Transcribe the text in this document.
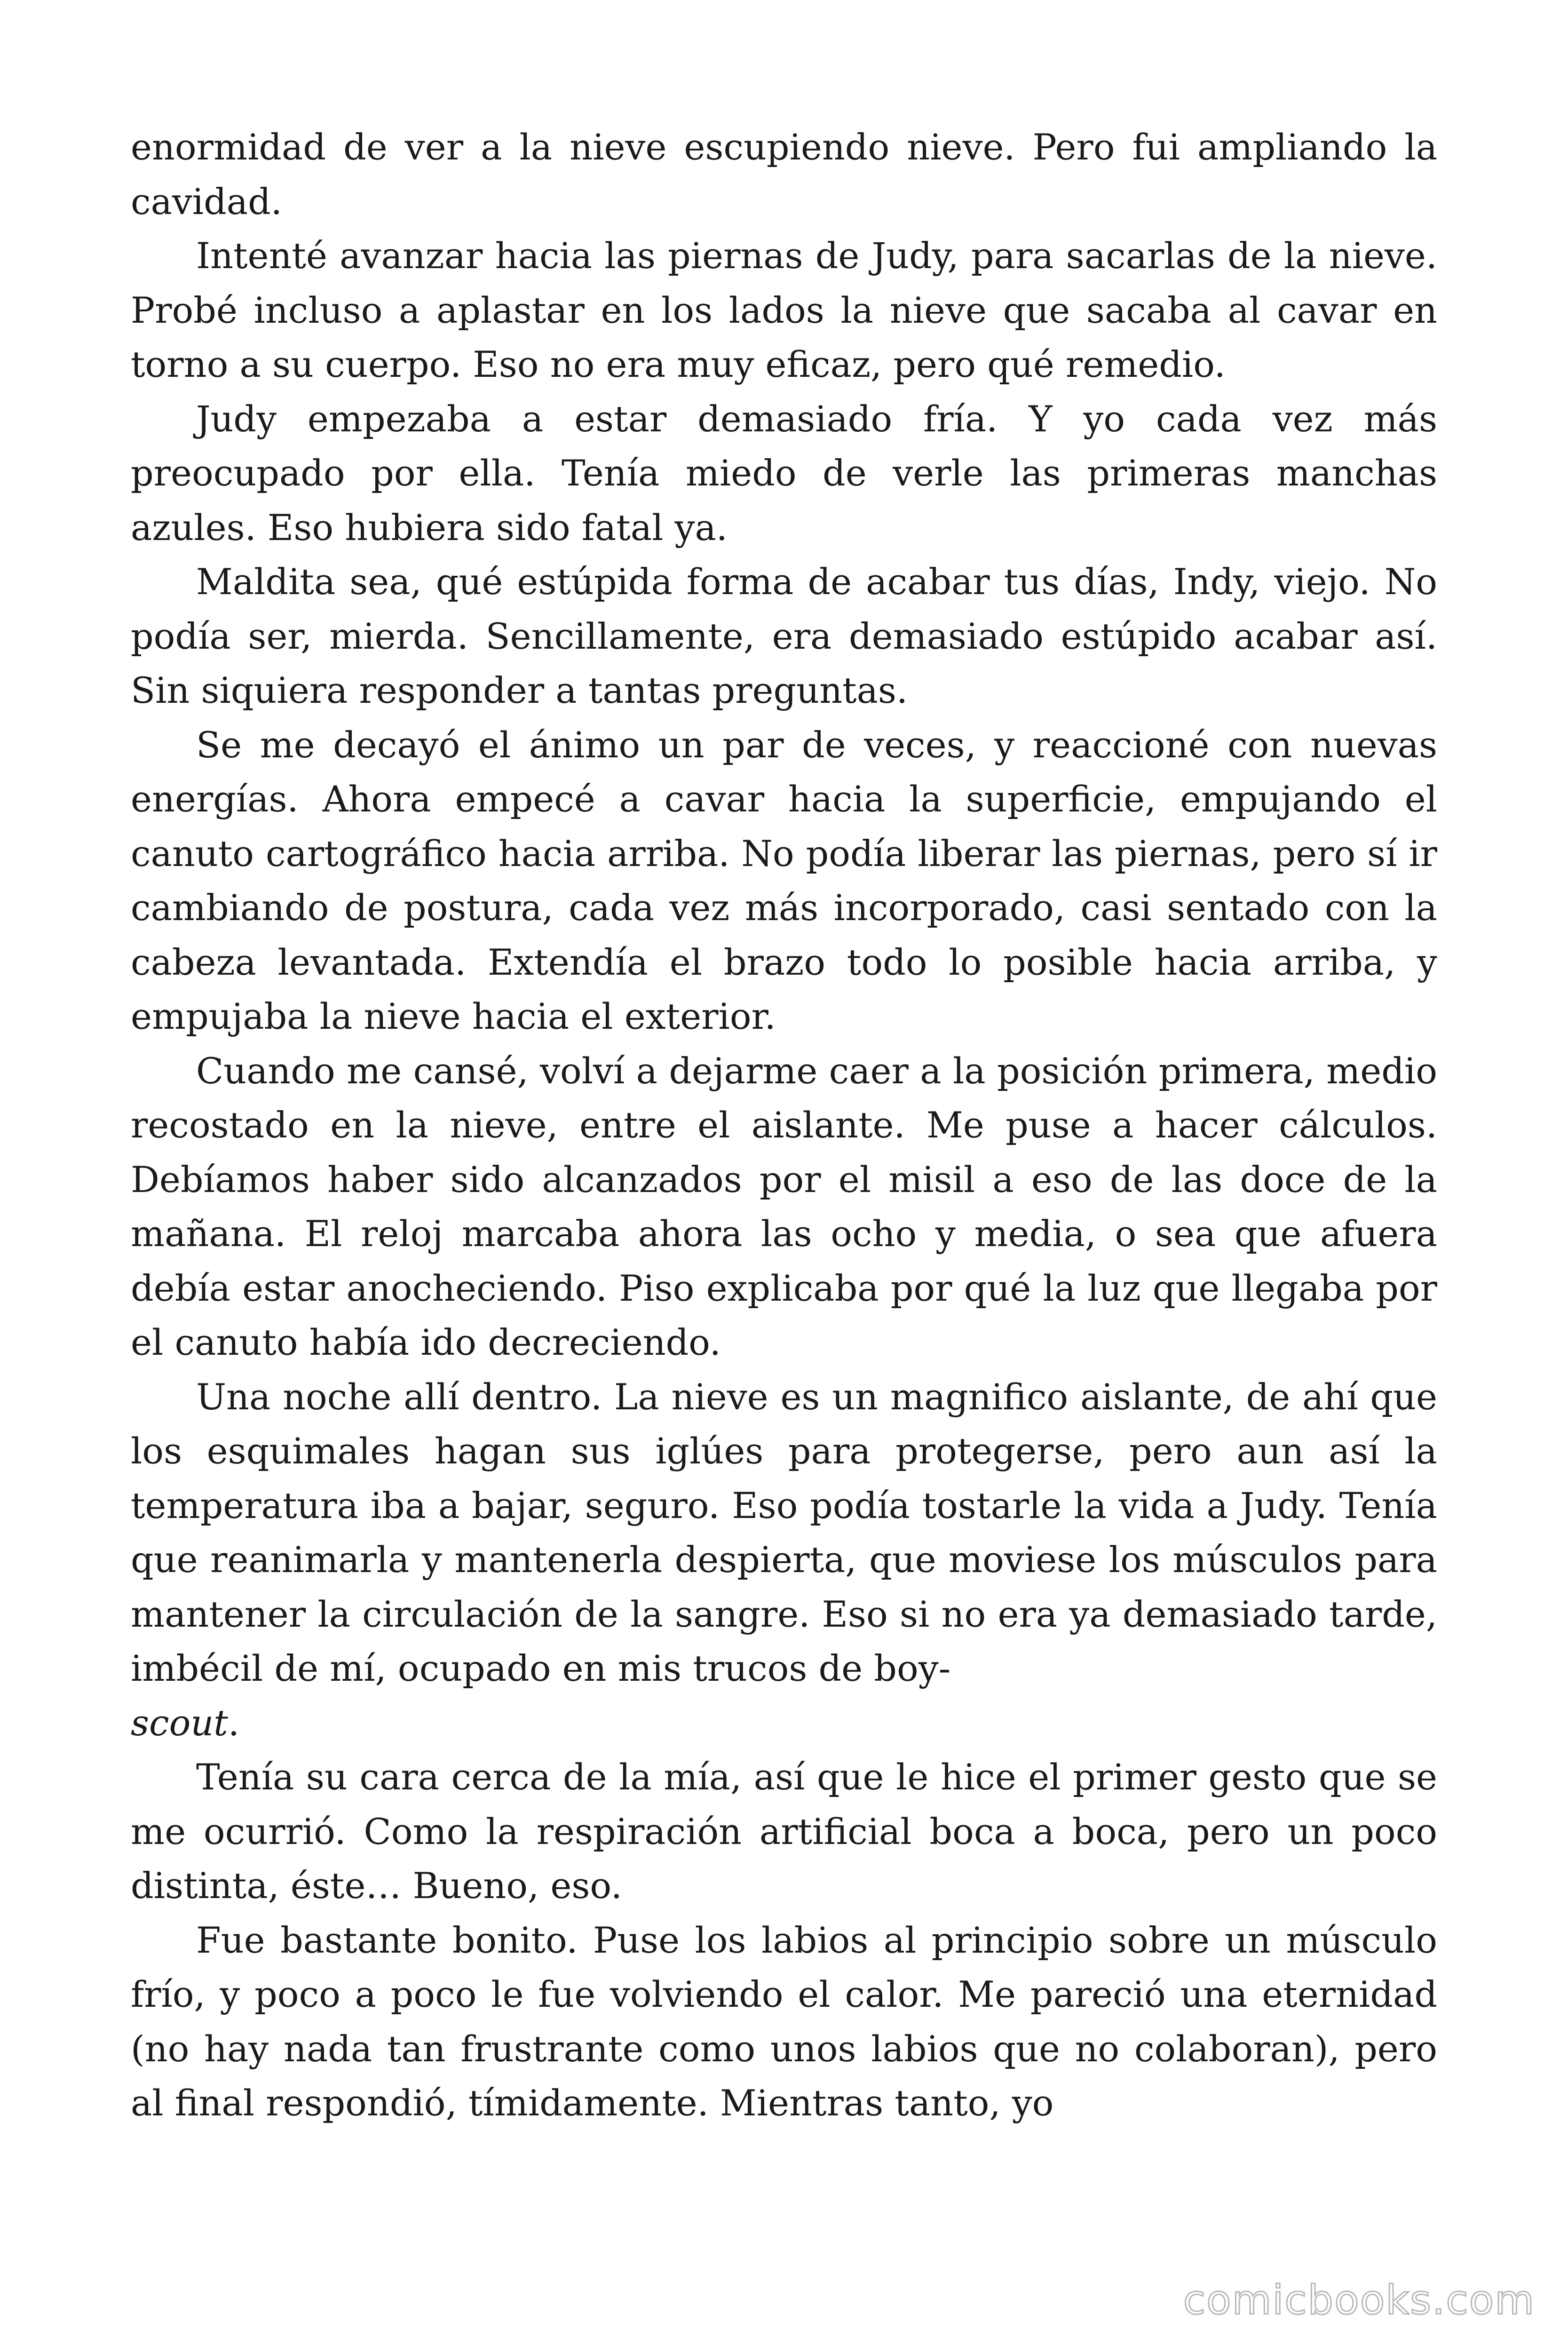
enormidad de ver a la nieve escupiendo nieve. Pero fui ampliando la cavidad.

Intenté avanzar hacia las piernas de Judy, para sacarlas de la nieve. Probé incluso a aplastar en los lados la nieve que sacaba al cavar en torno a su cuerpo. Eso no era muy eficaz, pero qué remedio.

Judy empezaba a estar demasiado fría. Y yo cada vez más preocupado por ella. Tenía miedo de verle las primeras manchas azules. Eso hubiera sido fatal ya.

Maldita sea, qué estúpida forma de acabar tus días, Indy, viejo. No podía ser, mierda. Sencillamente, era demasiado estúpido acabar así. Sin siquiera responder a tantas preguntas.

Se me decayó el ánimo un par de veces, y reaccioné con nuevas energías. Ahora empecé a cavar hacia la superficie, empujando el canuto cartográfico hacia arriba. No podía liberar las piernas, pero sí ir cambiando de postura, cada vez más incorporado, casi sentado con la cabeza levantada. Extendía el brazo todo lo posible hacia arriba, y empujaba la nieve hacia el exterior.

Cuando me cansé, volví a dejarme caer a la posición primera, medio recostado en la nieve, entre el aislante. Me puse a hacer cálculos. Debíamos haber sido alcanzados por el misil a eso de las doce de la mañana. El reloj marcaba ahora las ocho y media, o sea que afuera debía estar anocheciendo. Piso explicaba por qué la luz que llegaba por el canuto había ido decreciendo.

Una noche allí dentro. La nieve es un magnifico aislante, de ahí que los esquimales hagan sus iglúes para protegerse, pero aun así la temperatura iba a bajar, seguro. Eso podía tostarle la vida a Judy. Tenía que reanimarla y mantenerla despierta, que moviese los músculos para mantener la circulación de la sangre. Eso si no era ya demasiado tarde, imbécil de mí, ocupado en mis trucos de boy-
scout.

Tenía su cara cerca de la mía, así que le hice el primer gesto que se me ocurrió. Como la respiración artificial boca a boca, pero un poco distinta, éste… Bueno, eso.

Fue bastante bonito. Puse los labios al principio sobre un músculo frío, y poco a poco le fue volviendo el calor. Me pareció una eternidad (no hay nada tan frustrante como unos labios que no colaboran), pero al final respondió, tímidamente. Mientras tanto, yo

comicbooks.com
